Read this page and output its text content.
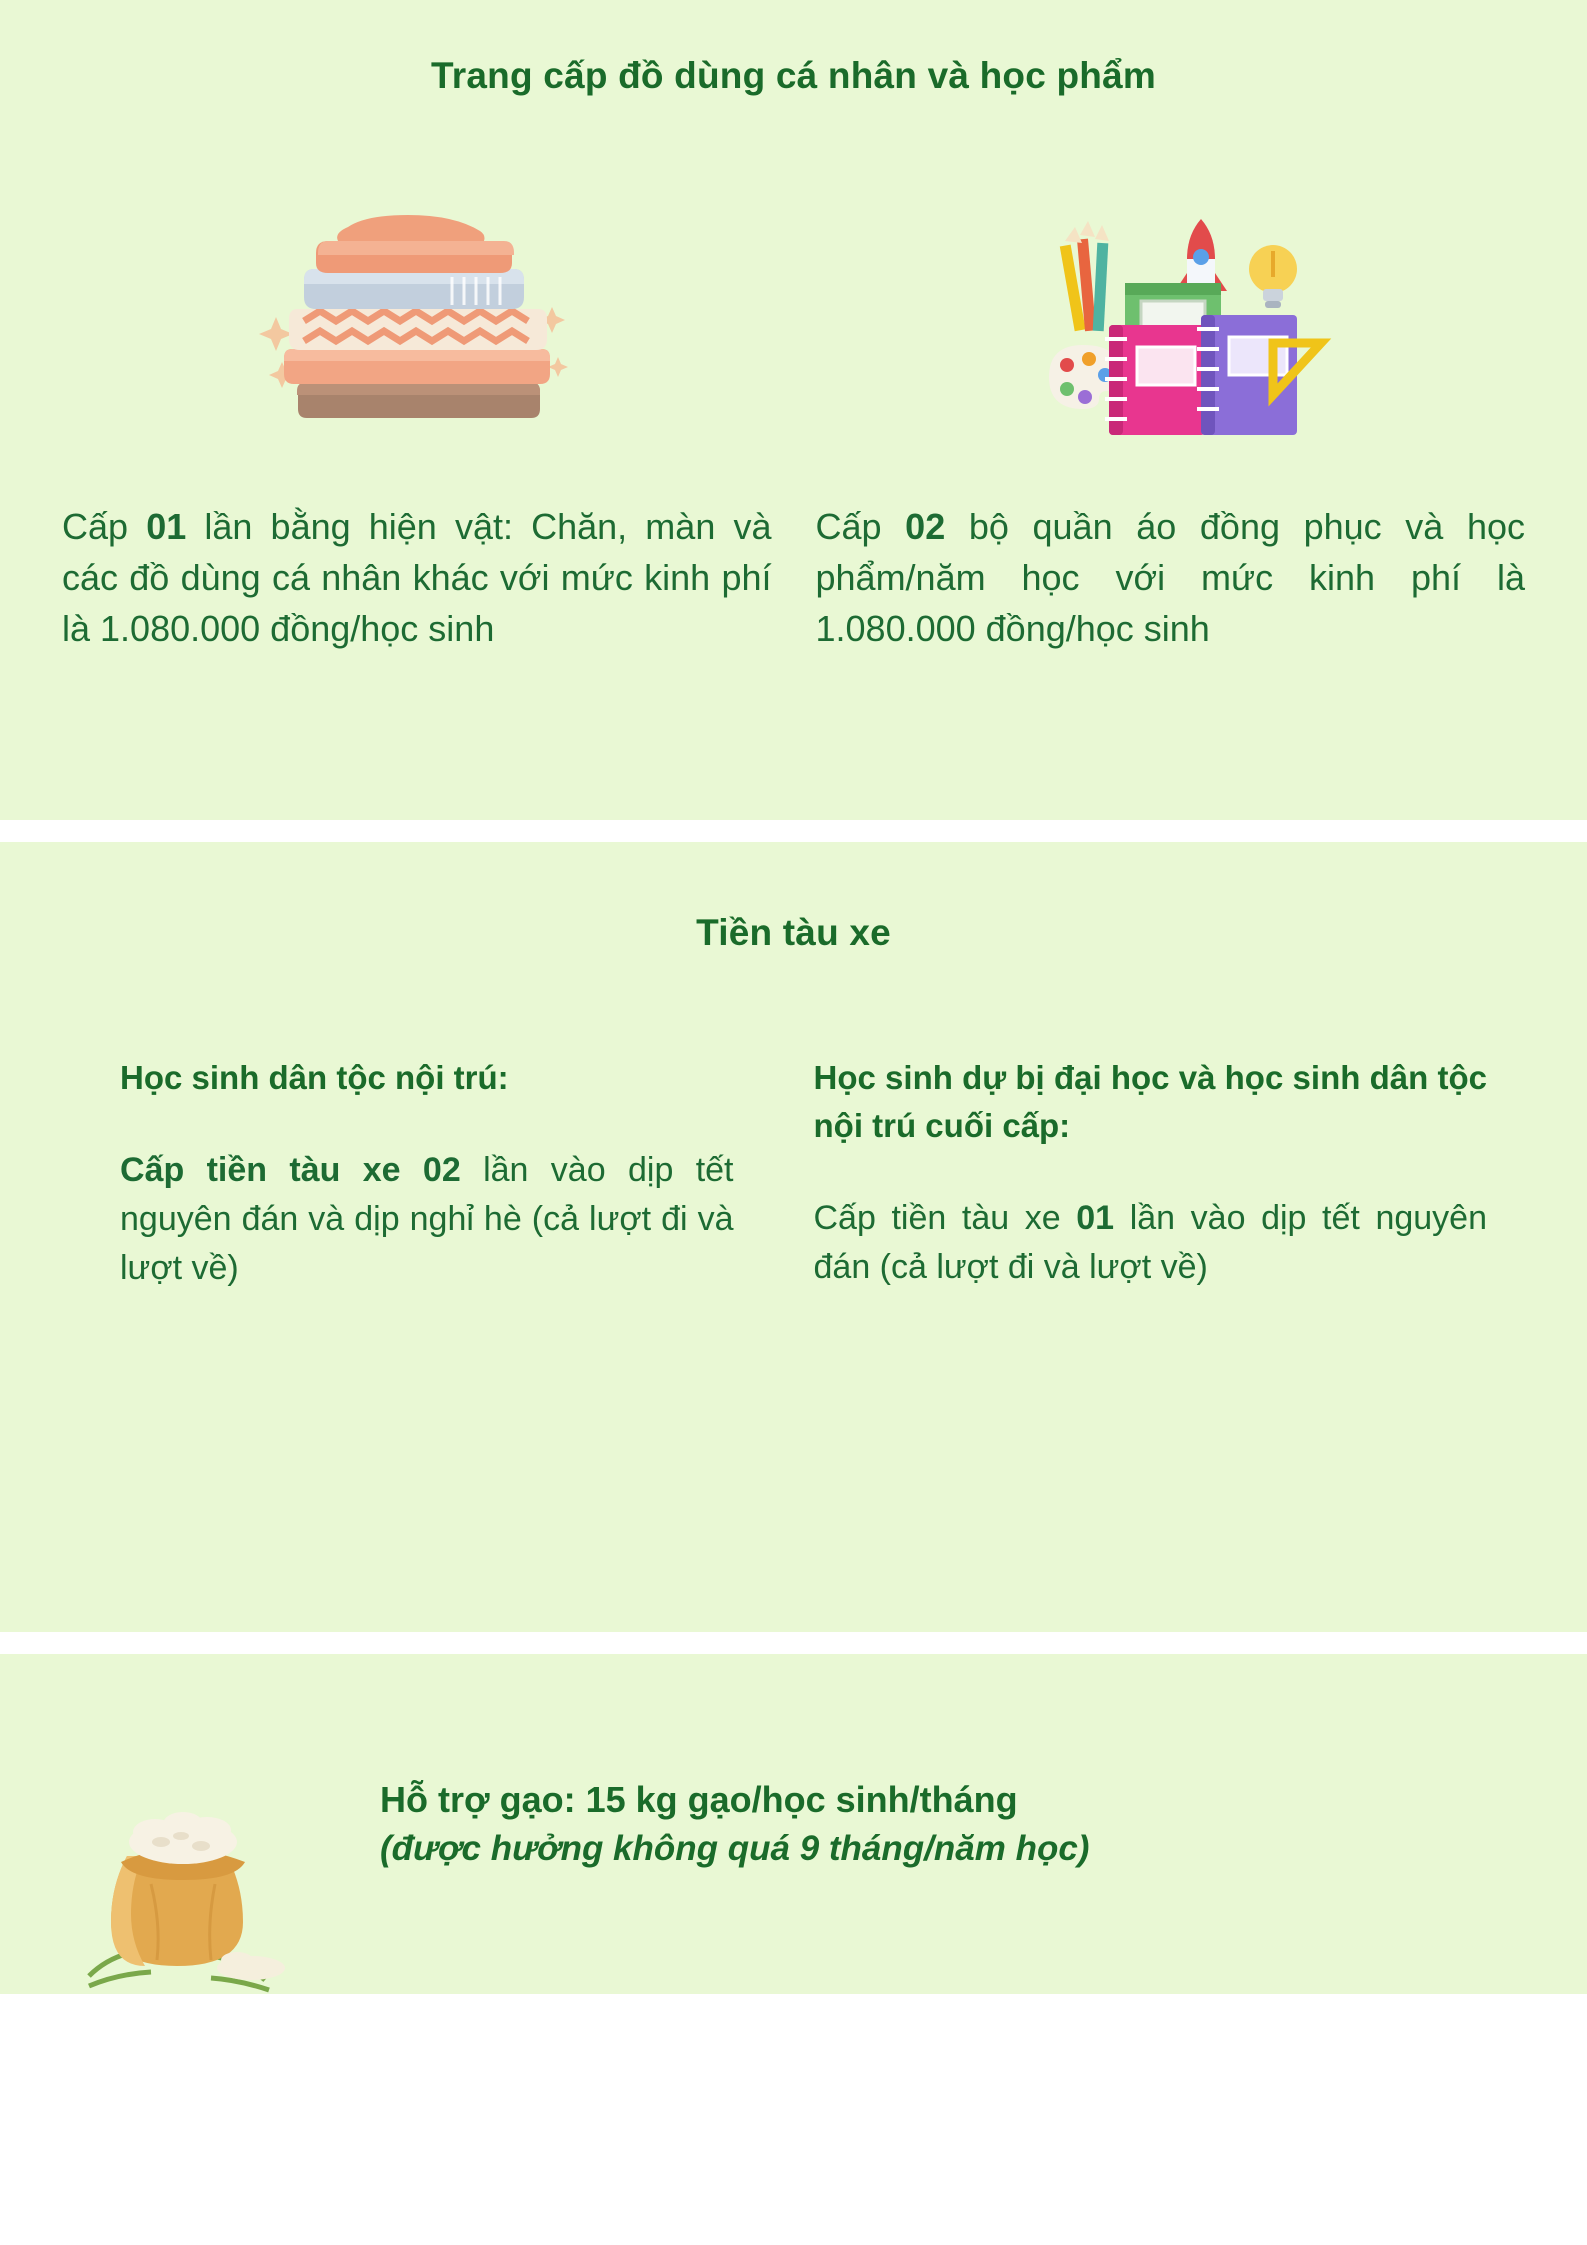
Trang cấp đồ dùng cá nhân và học phẩm
Cấp 01 lần bằng hiện vật: Chăn, màn và các đồ dùng cá nhân khác với mức kinh phí là 1.080.000 đồng/học sinh
Cấp 02 bộ quần áo đồng phục và học phẩm/năm học với mức kinh phí là 1.080.000 đồng/học sinh
Tiền tàu xe
Học sinh dân tộc nội trú:
Cấp tiền tàu xe 02 lần vào dịp tết nguyên đán và dịp nghỉ hè (cả lượt đi và lượt về)
Học sinh dự bị đại học và học sinh dân tộc nội trú cuối cấp:
Cấp tiền tàu xe 01 lần vào dịp tết nguyên đán (cả lượt đi và lượt về)
Hỗ trợ gạo: 15 kg gạo/học sinh/tháng
(được hưởng không quá 9 tháng/năm học)
